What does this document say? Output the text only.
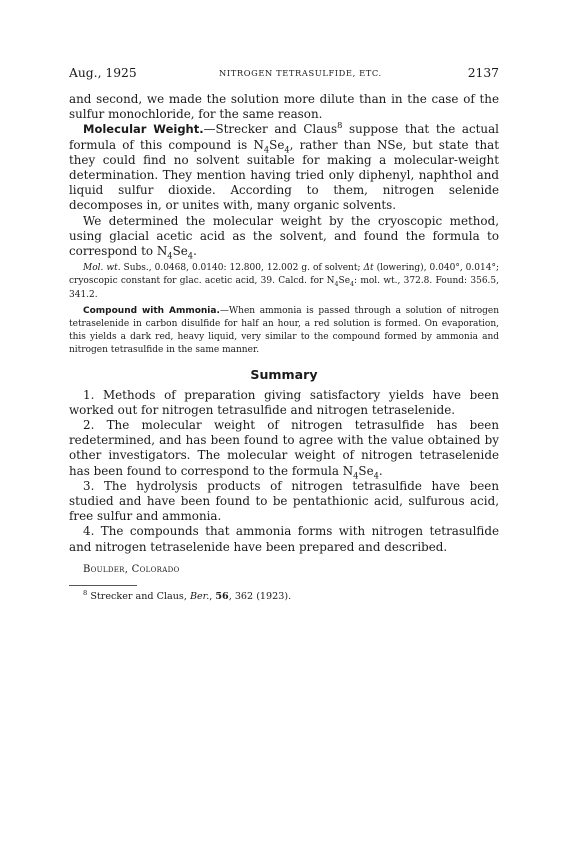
Aug., 1925	NITROGEN TETRASULFIDE, ETC.	2137

and second, we made the solution more dilute than in the case of the sulfur monochloride, for the same reason.

Molecular Weight.—Strecker and Claus$^8$ suppose that the actual formula of this compound is $N_4Se_4$, rather than NSe, but state that they could find no solvent suitable for making a molecular-weight determination. They mention having tried only diphenyl, naphthol and liquid sulfur dioxide. According to them, nitrogen selenide decomposes in, or unites with, many organic solvents.

We determined the molecular weight by the cryoscopic method, using glacial acetic acid as the solvent, and found the formula to correspond to $N_4Se_4$.

Mol. wt. Subs., 0.0468, 0.0140: 12.800, 12.002 g. of solvent; Δt (lowering), 0.040°, 0.014°; cryoscopic constant for glac. acetic acid, 39. Calcd. for $N_4Se_4$: mol. wt., 372.8. Found: 356.5, 341.2.

Compound with Ammonia.—When ammonia is passed through a solution of nitrogen tetraselenide in carbon disulfide for half an hour, a red solution is formed. On evaporation, this yields a dark red, heavy liquid, very similar to the compound formed by ammonia and nitrogen tetrasulfide in the same manner.

Summary

1. Methods of preparation giving satisfactory yields have been worked out for nitrogen tetrasulfide and nitrogen tetraselenide.

2. The molecular weight of nitrogen tetrasulfide has been redetermined, and has been found to agree with the value obtained by other investigators. The molecular weight of nitrogen tetraselenide has been found to correspond to the formula $N_4Se_4$.

3. The hydrolysis products of nitrogen tetrasulfide have been studied and have been found to be pentathionic acid, sulfurous acid, free sulfur and ammonia.

4. The compounds that ammonia forms with nitrogen tetrasulfide and nitrogen tetraselenide have been prepared and described.

Boulder, Colorado

$^8$ Strecker and Claus, Ber., 56, 362 (1923).
